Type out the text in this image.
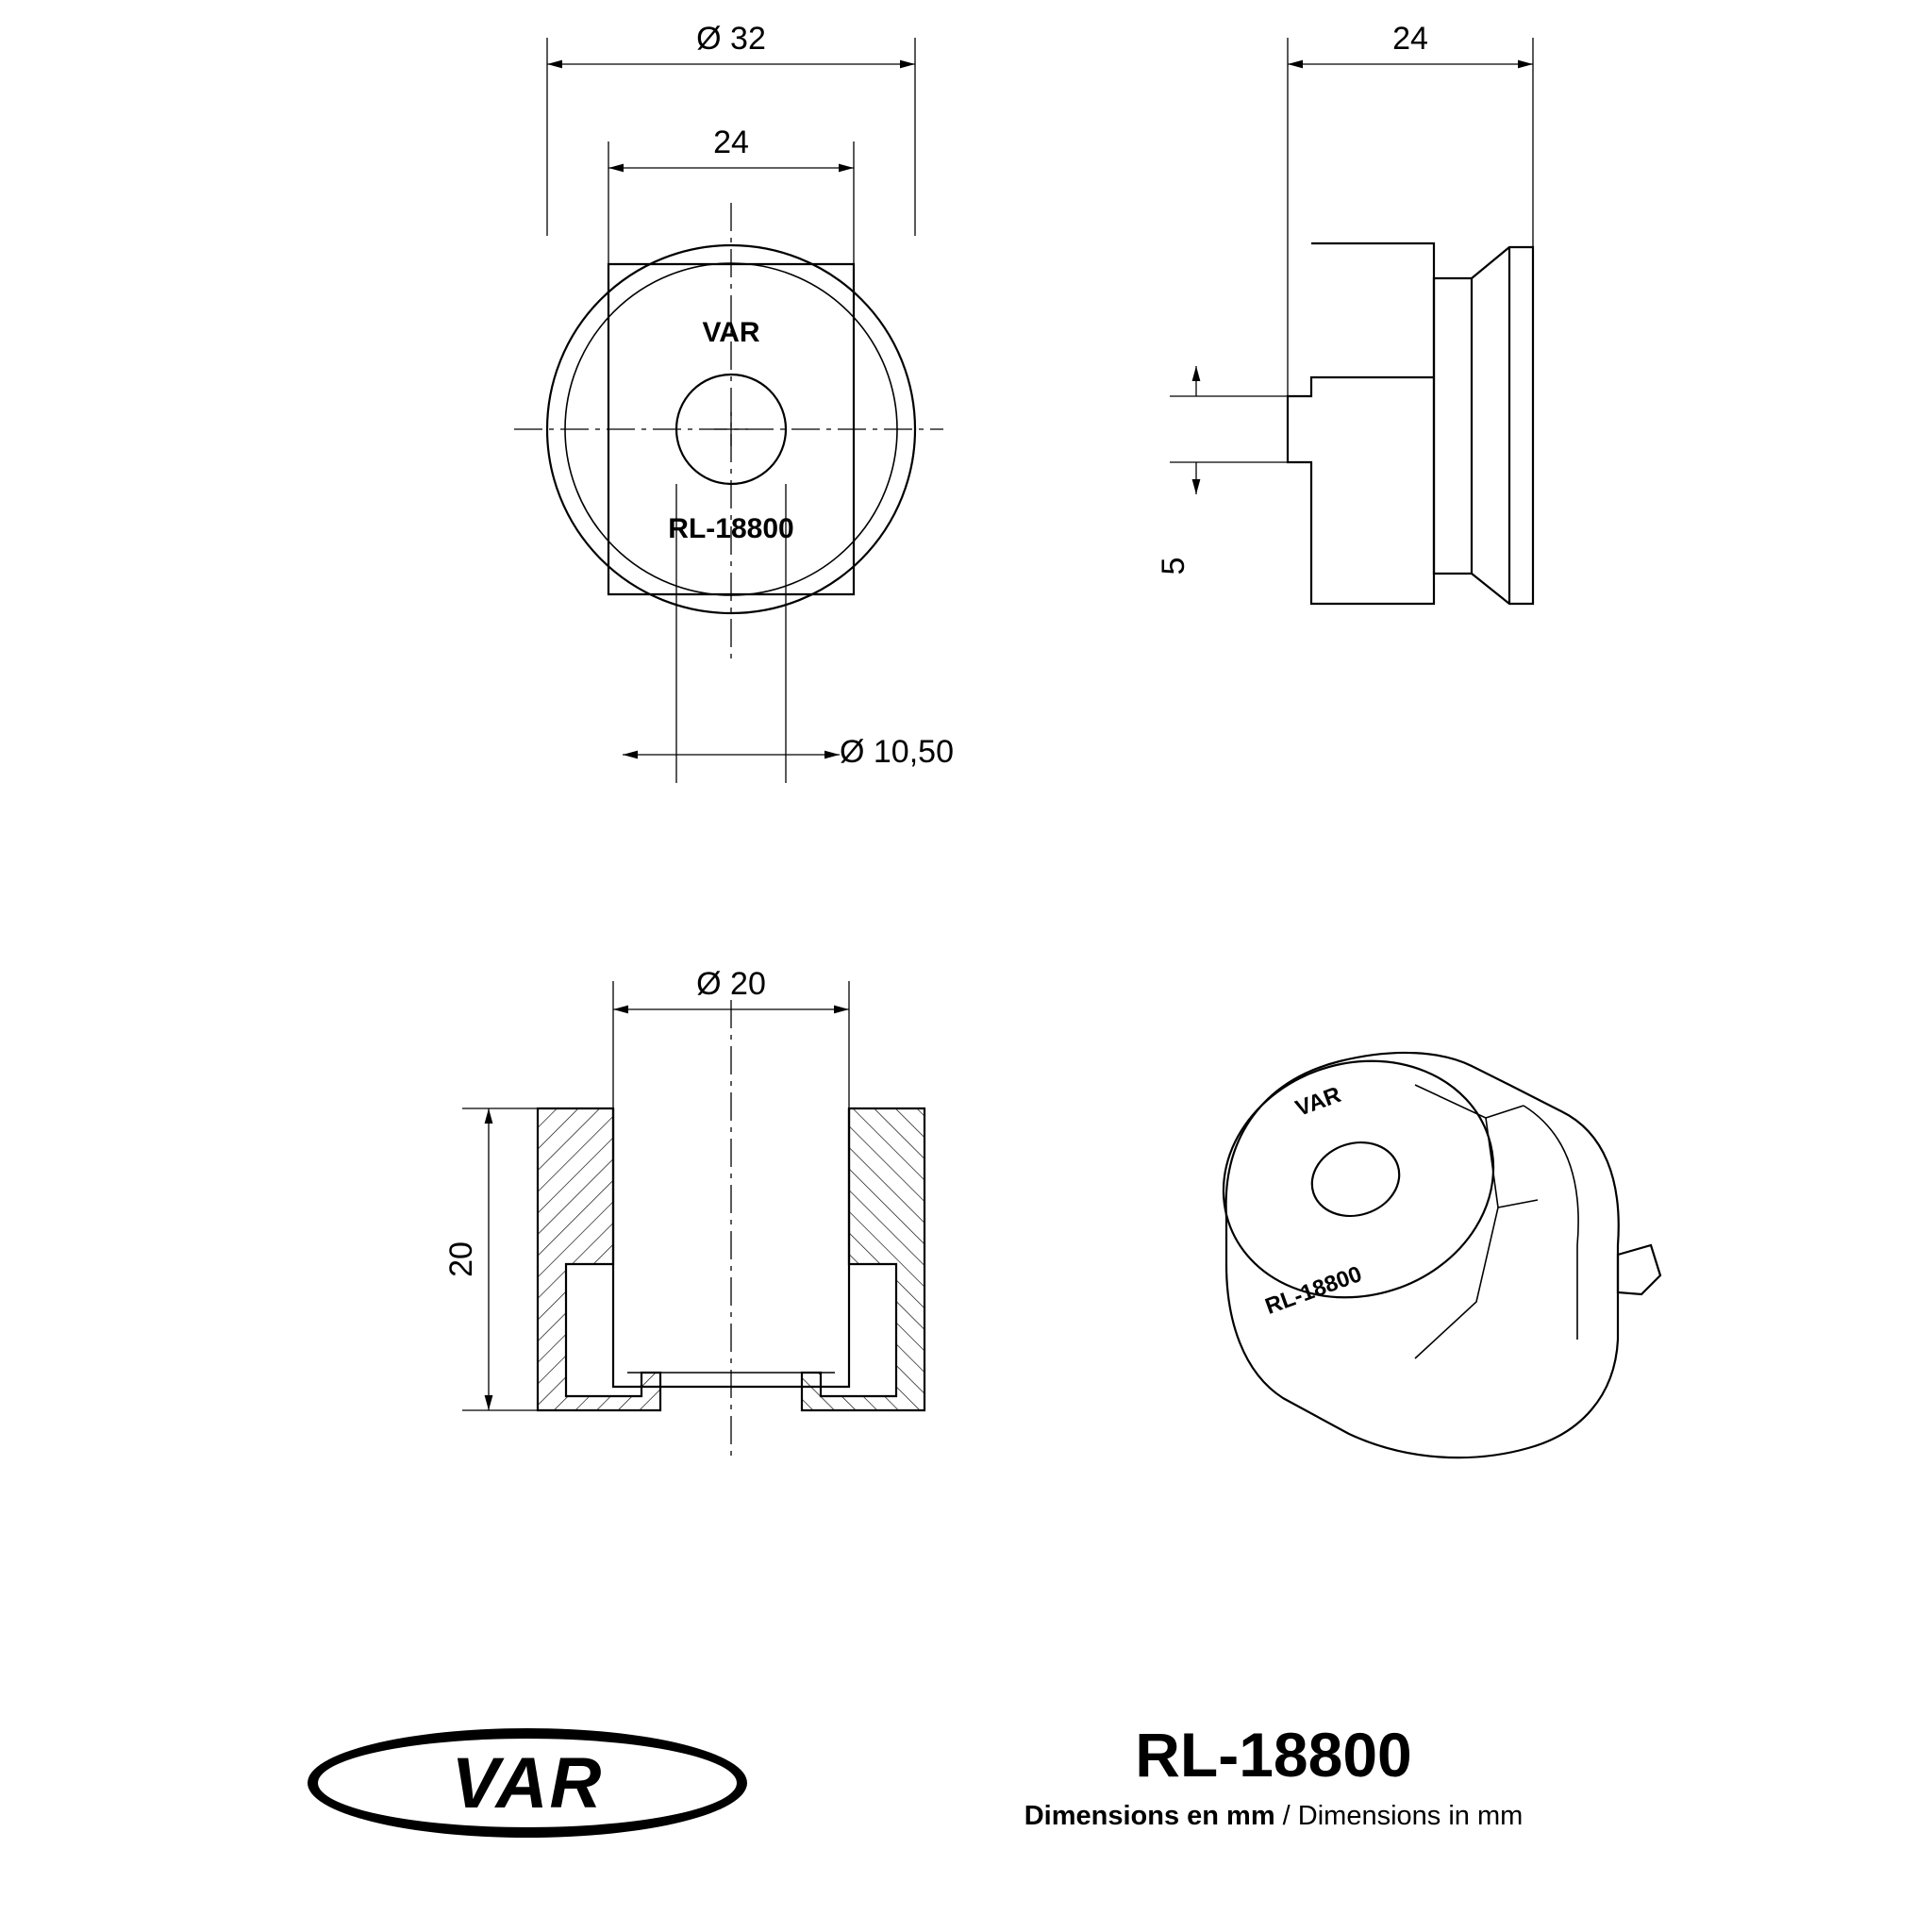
VAR
RL-18800
Ø 32
24
Ø 10,50
24
5
Ø 20
20
VAR
RL-18800
VAR	RL-18800
Dimensions en mm / Dimensions in mm
